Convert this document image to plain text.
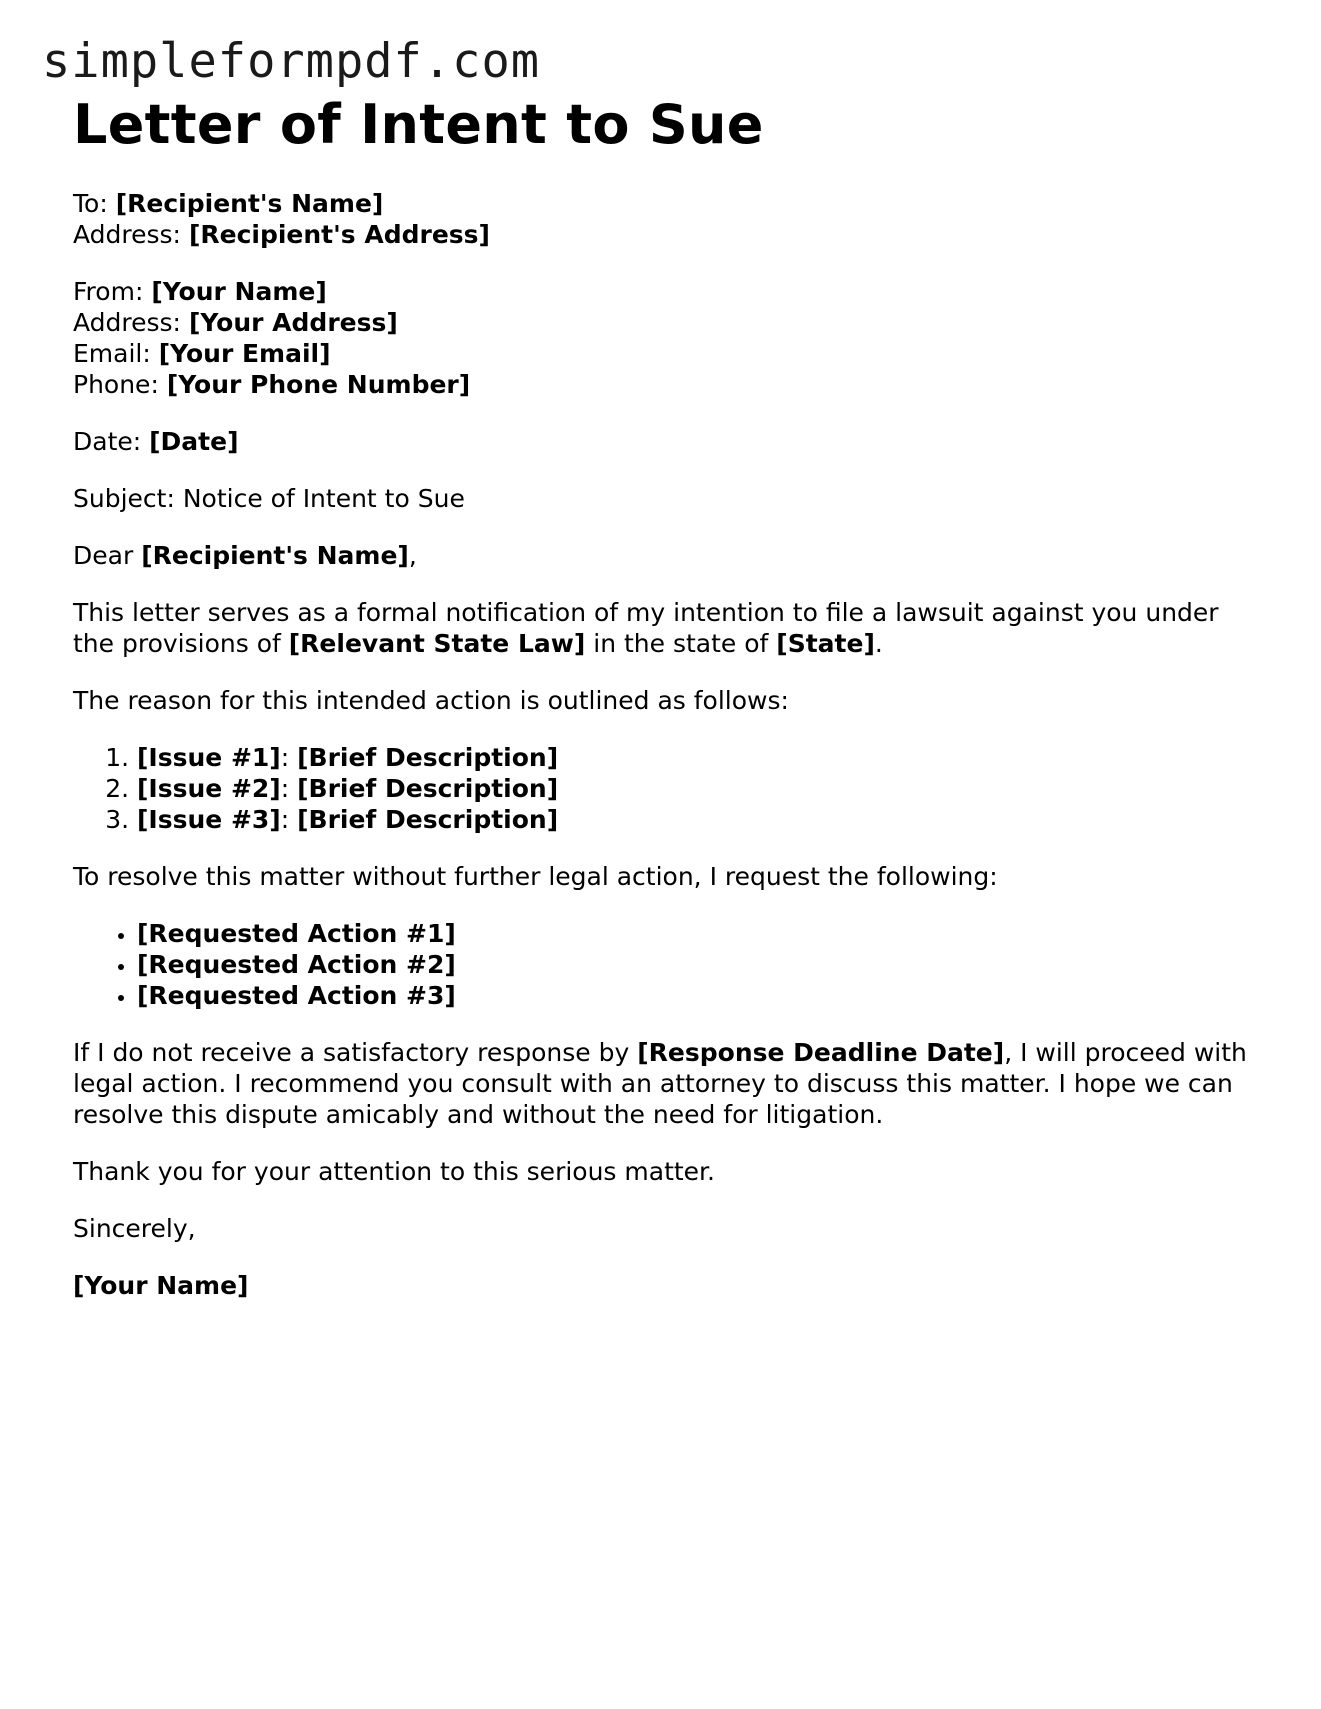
simpleformpdf.com
Letter of Intent to Sue
To: [Recipient's Name]
Address: [Recipient's Address]
From: [Your Name]
Address: [Your Address]
Email: [Your Email]
Phone: [Your Phone Number]

Date: [Date]

Subject: Notice of Intent to Sue

Dear [Recipient's Name],

This letter serves as a formal notification of my intention to file a lawsuit against you under the provisions of [Relevant State Law] in the state of [State].

The reason for this intended action is outlined as follows:

1. [Issue #1]: [Brief Description]
2. [Issue #2]: [Brief Description]
3. [Issue #3]: [Brief Description]

To resolve this matter without further legal action, I request the following:

• [Requested Action #1]
• [Requested Action #2]
• [Requested Action #3]

If I do not receive a satisfactory response by [Response Deadline Date], I will proceed with legal action. I recommend you consult with an attorney to discuss this matter. I hope we can resolve this dispute amicably and without the need for litigation.

Thank you for your attention to this serious matter.

Sincerely,

[Your Name]
